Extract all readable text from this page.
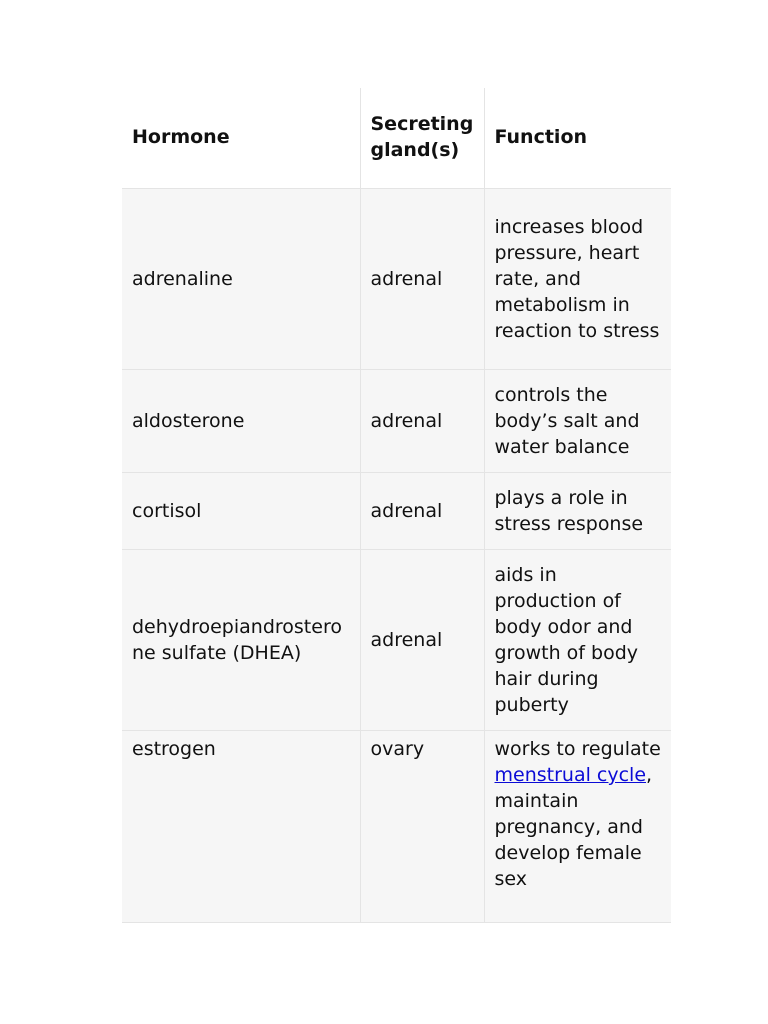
Hormone	Secreting gland(s)	Function
adrenaline	adrenal	increases blood pressure, heart rate, and metabolism in reaction to stress
aldosterone	adrenal	controls the body’s salt and water balance
cortisol	adrenal	plays a role in stress response
dehydroepiandrosterone sulfate (DHEA)	adrenal	aids in production of body odor and growth of body hair during puberty
estrogen	ovary	works to regulate menstrual cycle, maintain pregnancy, and develop female sex
